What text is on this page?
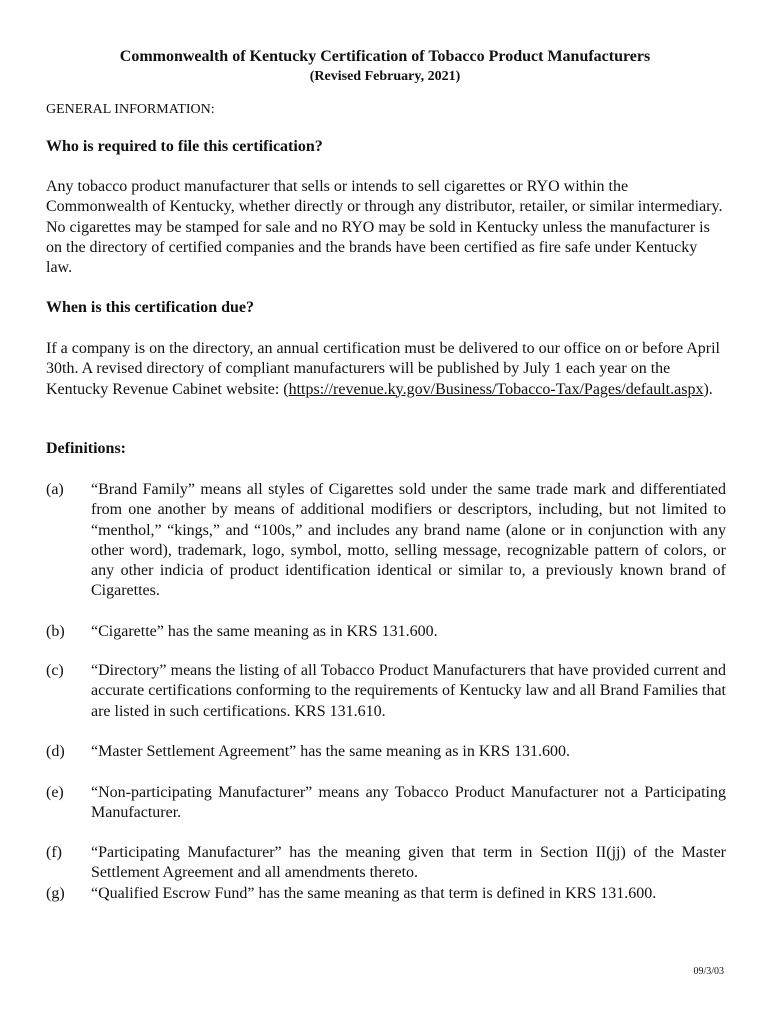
Commonwealth of Kentucky Certification of Tobacco Product Manufacturers
(Revised February, 2021)
GENERAL INFORMATION:
Who is required to file this certification?
Any tobacco product manufacturer that sells or intends to sell cigarettes or RYO within the Commonwealth of Kentucky, whether directly or through any distributor, retailer, or similar intermediary. No cigarettes may be stamped for sale and no RYO may be sold in Kentucky unless the manufacturer is on the directory of certified companies and the brands have been certified as fire safe under Kentucky law.
When is this certification due?
If a company is on the directory, an annual certification must be delivered to our office on or before April 30th. A revised directory of compliant manufacturers will be published by July 1 each year on the Kentucky Revenue Cabinet website: (https://revenue.ky.gov/Business/Tobacco-Tax/Pages/default.aspx).
Definitions:
(a) “Brand Family” means all styles of Cigarettes sold under the same trade mark and differentiated from one another by means of additional modifiers or descriptors, including, but not limited to “menthol,” “kings,” and “100s,” and includes any brand name (alone or in conjunction with any other word), trademark, logo, symbol, motto, selling message, recognizable pattern of colors, or any other indicia of product identification identical or similar to, a previously known brand of Cigarettes.
(b) “Cigarette” has the same meaning as in KRS 131.600.
(c) “Directory” means the listing of all Tobacco Product Manufacturers that have provided current and accurate certifications conforming to the requirements of Kentucky law and all Brand Families that are listed in such certifications. KRS 131.610.
(d) “Master Settlement Agreement” has the same meaning as in KRS 131.600.
(e) “Non-participating Manufacturer” means any Tobacco Product Manufacturer not a Participating Manufacturer.
(f) “Participating Manufacturer” has the meaning given that term in Section II(jj) of the Master Settlement Agreement and all amendments thereto.
(g) “Qualified Escrow Fund” has the same meaning as that term is defined in KRS 131.600.
09/3/03
